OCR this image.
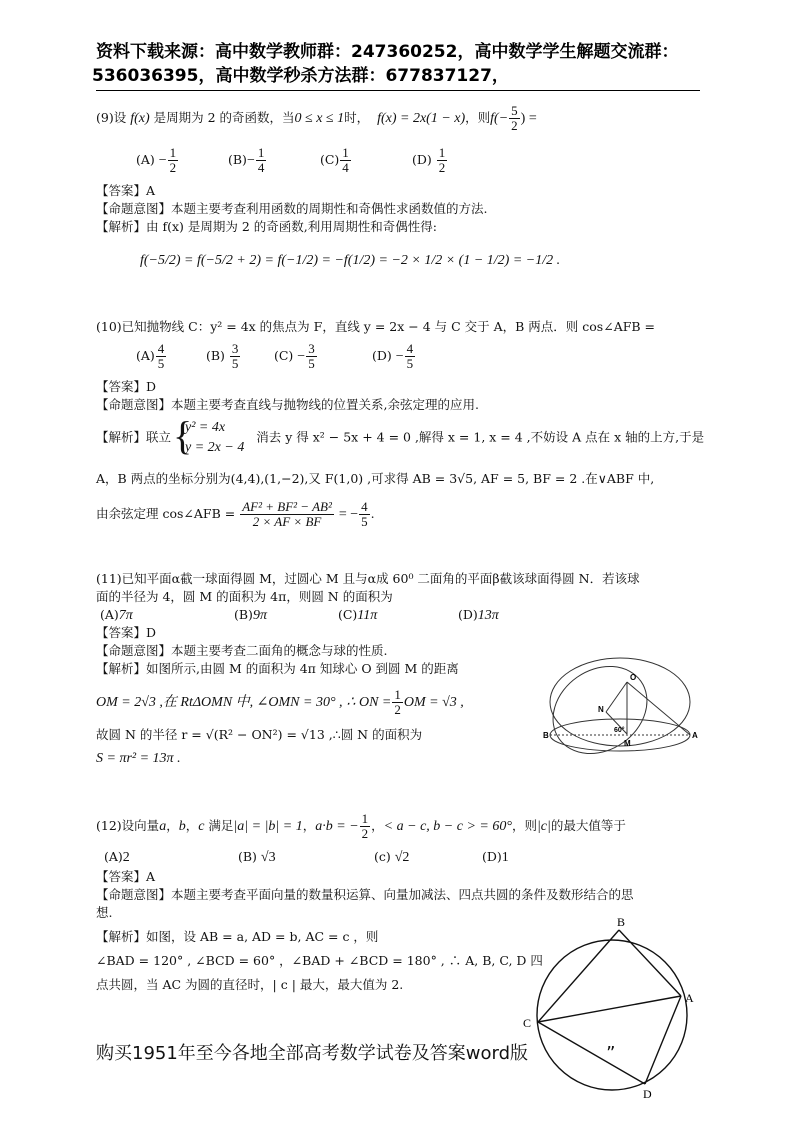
资料下载来源：高中数学教师群：247360252，高中数学学生解题交流群：
536036395，高中数学秒杀方法群：677837127，
(9)设 f(x) 是周期为 2 的奇函数，当0 ≤ x ≤ 1时， f(x) = 2x(1 − x)，则$f(- \frac{5}{2}$ ) =
$(A) - \frac{1}{2}$	$(B)- \frac{1}{4}$	$(C) \frac{1}{4}$	$(D) \frac{1}{2}$
【答案】A
【命题意图】本题主要考查利用函数的周期性和奇偶性求函数值的方法.
【解析】由 f(x) 是周期为 2 的奇函数,利用周期性和奇偶性得:
f(−5/2) = f(−5/2 + 2) = f(−1/2) = −f(1/2) = −2 × 1/2 × (1 − 1/2) = −1/2 .
(10)已知抛物线 C：y² = 4x 的焦点为 F，直线 y = 2x − 4 与 C 交于 A，B 两点．则 cos∠AFB =
$(A) \frac{4}{5}$	$(B) \frac{3}{5}$	$(C) - \frac{3}{5}$	$(D) - \frac{4}{5}$
【答案】D
【命题意图】本题主要考查直线与抛物线的位置关系,余弦定理的应用.
【解析】联立
{ y² = 4x
y = 2x − 4
消去 y 得 x² − 5x + 4 = 0 ,解得 x = 1, x = 4 ,不妨设 A 点在 x 轴的上方,于是
A，B 两点的坐标分别为(4,4),(1,−2),又 F(1,0) ,可求得 AB = 3√5, AF = 5, BF = 2 .在∨ABF 中,
由余弦定理 cos∠AFB = $\frac{\text{AF² + BF² − AB²}}{2 \times AF \times BF}$ = − $\frac{4}{5}$ .
(11)已知平面α截一球面得圆 M，过圆心 M 且与α成 60⁰ 二面角的平面β截该球面得圆 N．若该球
面的半径为 4，圆 M 的面积为 4π，则圆 N 的面积为
(A)7π	(B)9π	(C)11π	(D)13π
【答案】D
【命题意图】本题主要考查二面角的概念与球的性质.
【解析】如图所示,由圆 M 的面积为 4π 知球心 O 到圆 M 的距离
OM = 2√3 ,在 RtΔOMN 中, ∠OMN = 30° , ∴ ON = $\frac{1}{2}$ OM = √3 ,
故圆 N 的半径 r = √(R² − ON²) = √13 ,∴圆 N 的面积为
S = πr² = 13π .
O
N
M
B	A
60°
(12)设向量a，b，c 满足|a| = |b| = 1，a·b = − $\frac{1}{2}$ ，< a − c, b − c > = 60°，则|c|的最大值等于
(A)2	(B) √3	(c) √2	(D)1
【答案】A
【命题意图】本题主要考查平面向量的数量积运算、向量加减法、四点共圆的条件及数形结合的思
想.
【解析】如图，设 AB = a, AD = b, AC = c ，则
∠BAD = 120° , ∠BCD = 60° ，∠BAD + ∠BCD = 180° , ∴ A, B, C, D 四
点共圆，当 AC 为圆的直径时，| c | 最大，最大值为 2.
购买1951年至今各地全部高考数学试卷及答案word版	”
B
A
C
D
